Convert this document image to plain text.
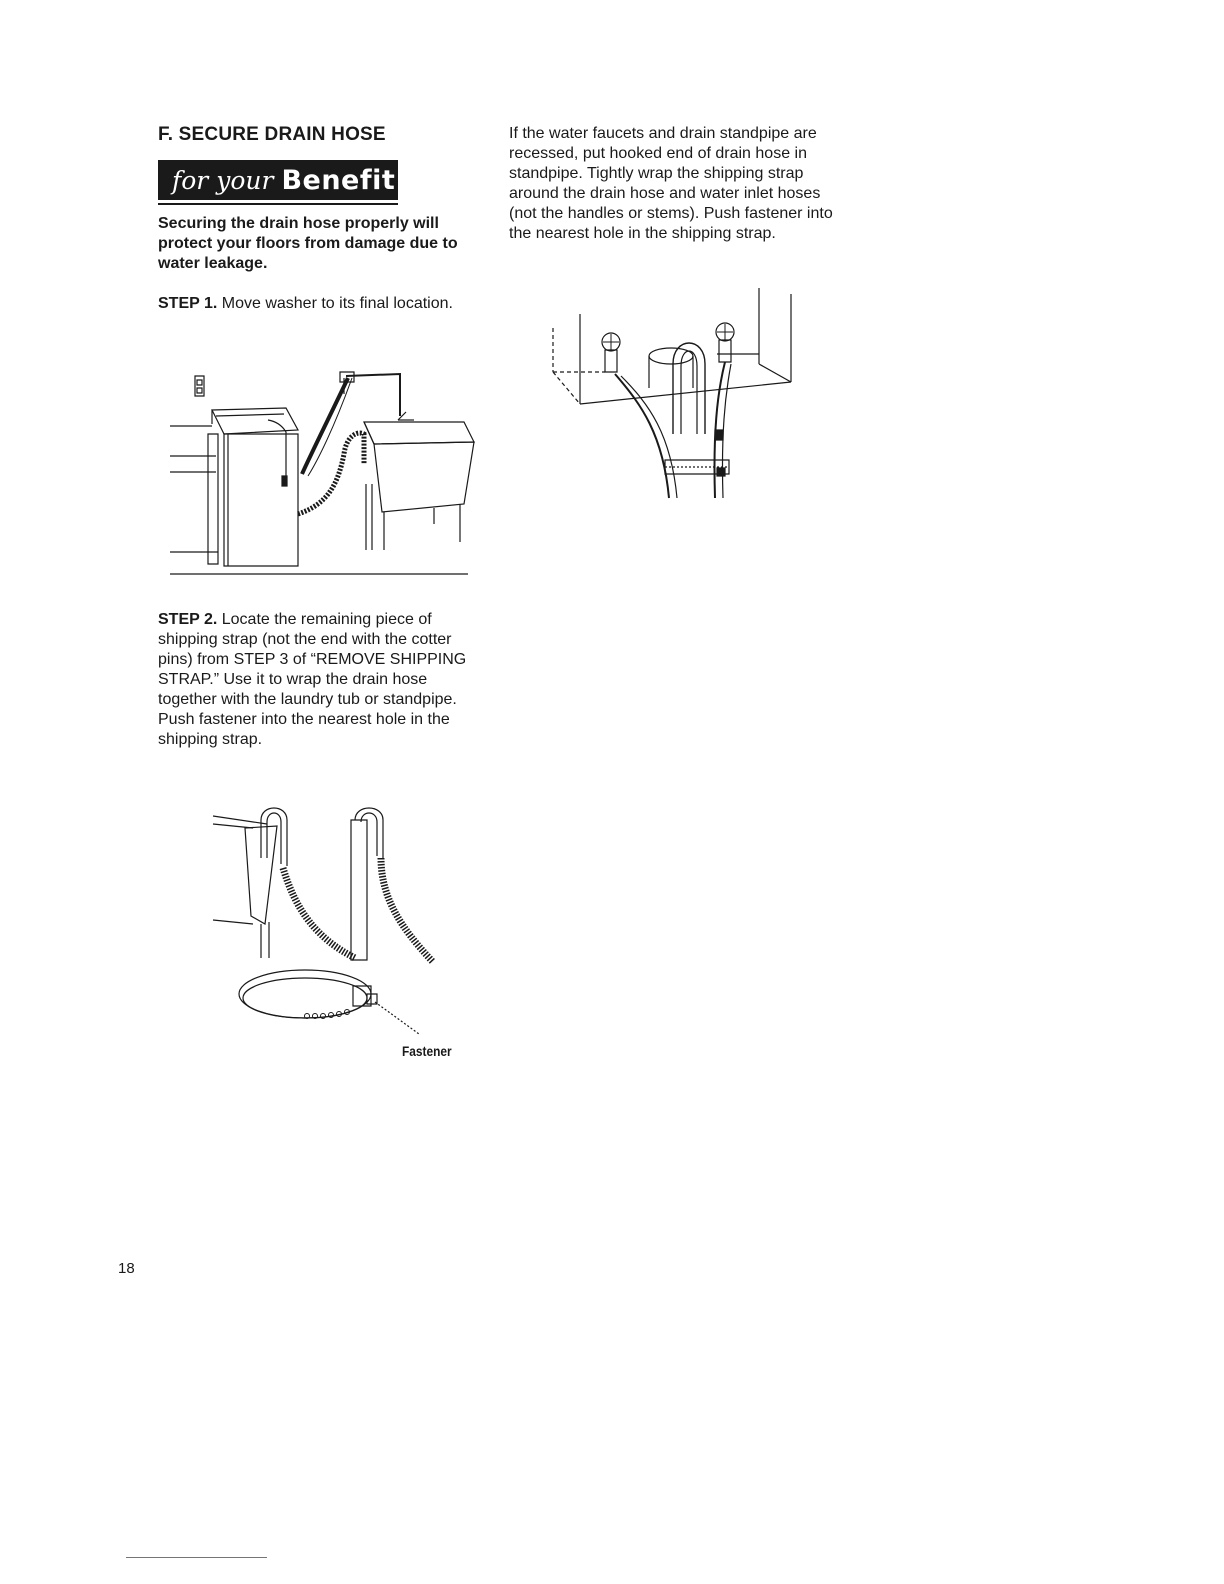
F. SECURE DRAIN HOSE
for your Benefit
Securing the drain hose properly will protect your floors from damage due to water leakage.
STEP 1. Move washer to its final location.
STEP 2. Locate the remaining piece of shipping strap (not the end with the cotter pins) from STEP 3 of “REMOVE SHIPPING STRAP.” Use it to wrap the drain hose together with the laundry tub or standpipe. Push fastener into the nearest hole in the shipping strap.
Fastener
If the water faucets and drain standpipe are recessed, put hooked end of drain hose in standpipe. Tightly wrap the shipping strap around the drain hose and water inlet hoses (not the handles or stems). Push fastener into the nearest hole in the shipping strap.
18
